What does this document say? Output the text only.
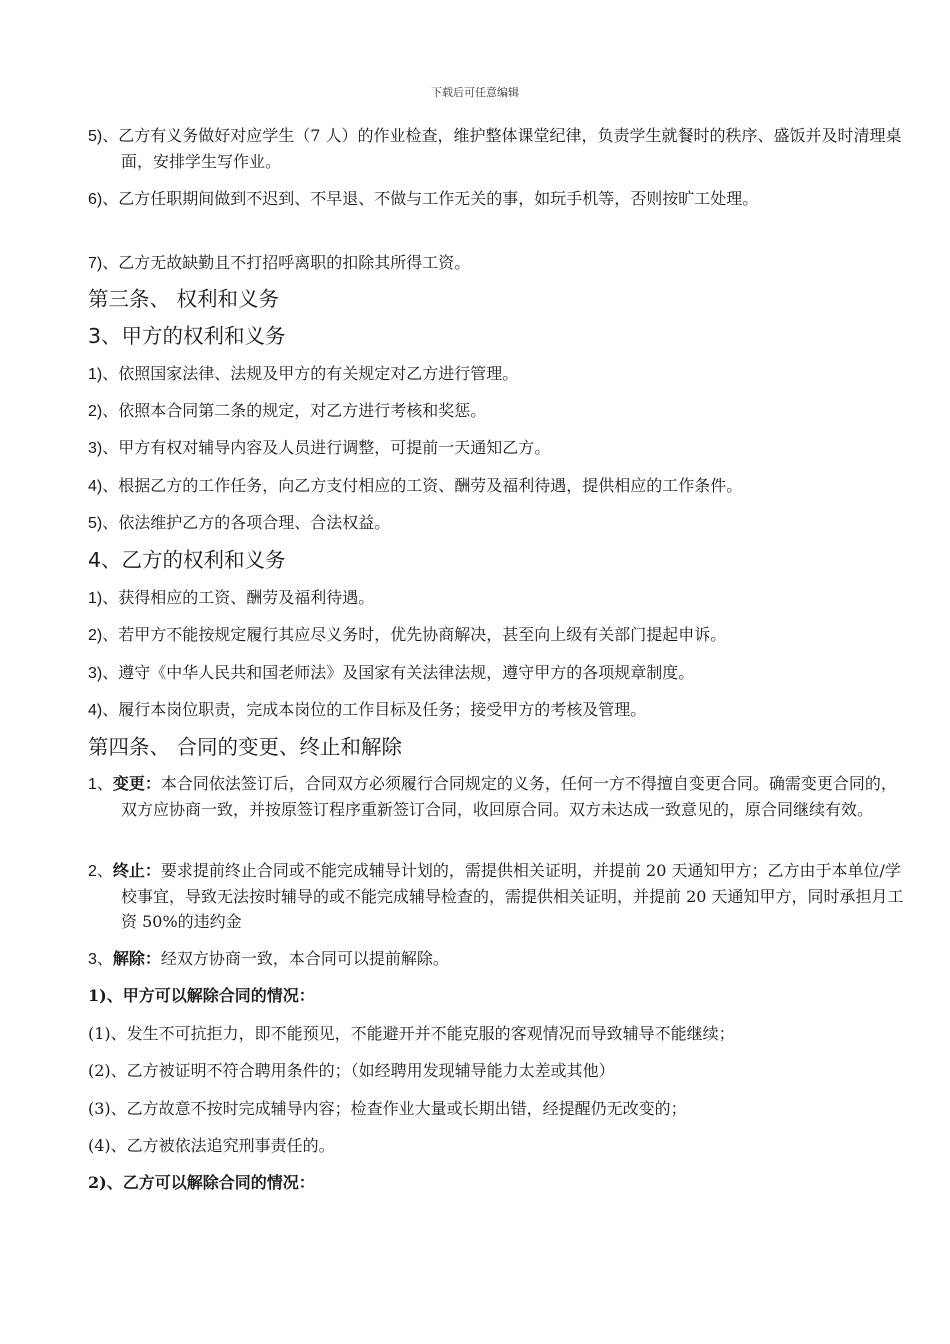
下载后可任意编辑
5)、乙方有义务做好对应学生（7 人）的作业检查，维护整体课堂纪律，负责学生就餐时的秩序、盛饭并及时清理桌面，安排学生写作业。
6)、乙方任职期间做到不迟到、不早退、不做与工作无关的事，如玩手机等，否则按旷工处理。
7)、乙方无故缺勤且不打招呼离职的扣除其所得工资。
第三条、 权利和义务
3、甲方的权利和义务
1)、依照国家法律、法规及甲方的有关规定对乙方进行管理。
2)、依照本合同第二条的规定，对乙方进行考核和奖惩。
3)、甲方有权对辅导内容及人员进行调整，可提前一天通知乙方。
4)、根据乙方的工作任务，向乙方支付相应的工资、酬劳及福利待遇，提供相应的工作条件。
5)、依法维护乙方的各项合理、合法权益。
4、乙方的权利和义务
1)、获得相应的工资、酬劳及福利待遇。
2)、若甲方不能按规定履行其应尽义务时，优先协商解决，甚至向上级有关部门提起申诉。
3)、遵守《中华人民共和国老师法》及国家有关法律法规，遵守甲方的各项规章制度。
4)、履行本岗位职责，完成本岗位的工作目标及任务；接受甲方的考核及管理。
第四条、 合同的变更、终止和解除
1、变更：本合同依法签订后，合同双方必须履行合同规定的义务，任何一方不得擅自变更合同。确需变更合同的，双方应协商一致，并按原签订程序重新签订合同，收回原合同。双方未达成一致意见的，原合同继续有效。
2、终止：要求提前终止合同或不能完成辅导计划的，需提供相关证明，并提前 20 天通知甲方；乙方由于本单位/学校事宜，导致无法按时辅导的或不能完成辅导检查的，需提供相关证明，并提前 20 天通知甲方，同时承担月工资 50%的违约金
3、解除：经双方协商一致，本合同可以提前解除。
1)、甲方可以解除合同的情况：
(1)、发生不可抗拒力，即不能预见，不能避开并不能克服的客观情况而导致辅导不能继续；
(2)、乙方被证明不符合聘用条件的；（如经聘用发现辅导能力太差或其他）
(3)、乙方故意不按时完成辅导内容；检查作业大量或长期出错，经提醒仍无改变的；
(4)、乙方被依法追究刑事责任的。
2)、乙方可以解除合同的情况：
